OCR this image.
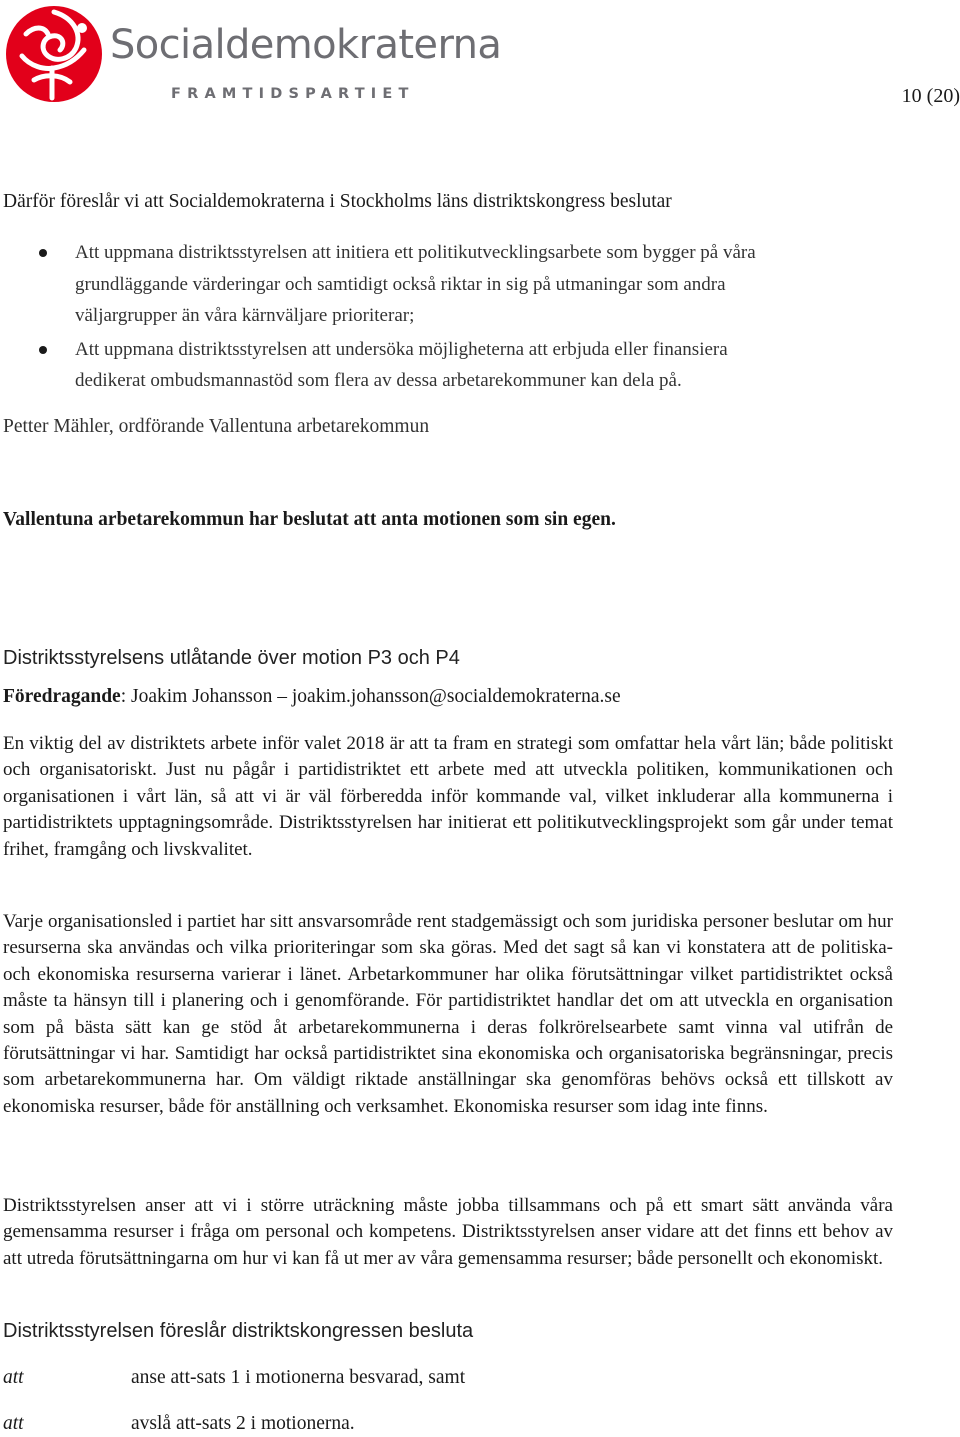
Socialdemokraterna
FRAMTIDSPARTIET	10 (20)
Därför föreslår vi att Socialdemokraterna i Stockholms läns distriktskongress beslutar
Att uppmana distriktsstyrelsen att initiera ett politikutvecklingsarbete som bygger på våra
grundläggande värderingar och samtidigt också riktar in sig på utmaningar som andra
väljargrupper än våra kärnväljare prioriterar;
Att uppmana distriktsstyrelsen att undersöka möjligheterna att erbjuda eller finansiera
dedikerat ombudsmannastöd som flera av dessa arbetarekommuner kan dela på.
Petter Mähler, ordförande Vallentuna arbetarekommun
Vallentuna arbetarekommun har beslutat att anta motionen som sin egen.
Distriktsstyrelsens utlåtande över motion P3 och P4
Föredragande: Joakim Johansson – joakim.johansson@socialdemokraterna.se
En viktig del av distriktets arbete inför valet 2018 är att ta fram en strategi som omfattar hela vårt län; både politiskt och organisatoriskt. Just nu pågår i partidistriktet ett arbete med att utveckla politiken, kommunikationen och organisationen i vårt län, så att vi är väl förberedda inför kommande val, vilket inkluderar alla kommunerna i partidistriktets upptagningsområde. Distriktsstyrelsen har initierat ett politikutvecklingsprojekt som går under temat frihet, framgång och livskvalitet.
Varje organisationsled i partiet har sitt ansvarsområde rent stadgemässigt och som juridiska personer beslutar om hur resurserna ska användas och vilka prioriteringar som ska göras. Med det sagt så kan vi konstatera att de politiska- och ekonomiska resurserna varierar i länet. Arbetarkommuner har olika förutsättningar vilket partidistriktet också måste ta hänsyn till i planering och i genomförande. För partidistriktet handlar det om att utveckla en organisation som på bästa sätt kan ge stöd åt arbetarekommunerna i deras folkrörelsearbete samt vinna val utifrån de förutsättningar vi har. Samtidigt har också partidistriktet sina ekonomiska och organisatoriska begränsningar, precis som arbetarekommunerna har. Om väldigt riktade anställningar ska genomföras behövs också ett tillskott av ekonomiska resurser, både för anställning och verksamhet. Ekonomiska resurser som idag inte finns.
Distriktsstyrelsen anser att vi i större uträckning måste jobba tillsammans och på ett smart sätt använda våra gemensamma resurser i fråga om personal och kompetens. Distriktsstyrelsen anser vidare att det finns ett behov av att utreda förutsättningarna om hur vi kan få ut mer av våra gemensamma resurser; både personellt och ekonomiskt.
Distriktsstyrelsen föreslår distriktskongressen besluta
att	anse att-sats 1 i motionerna besvarad, samt
att	avslå att-sats 2 i motionerna.
